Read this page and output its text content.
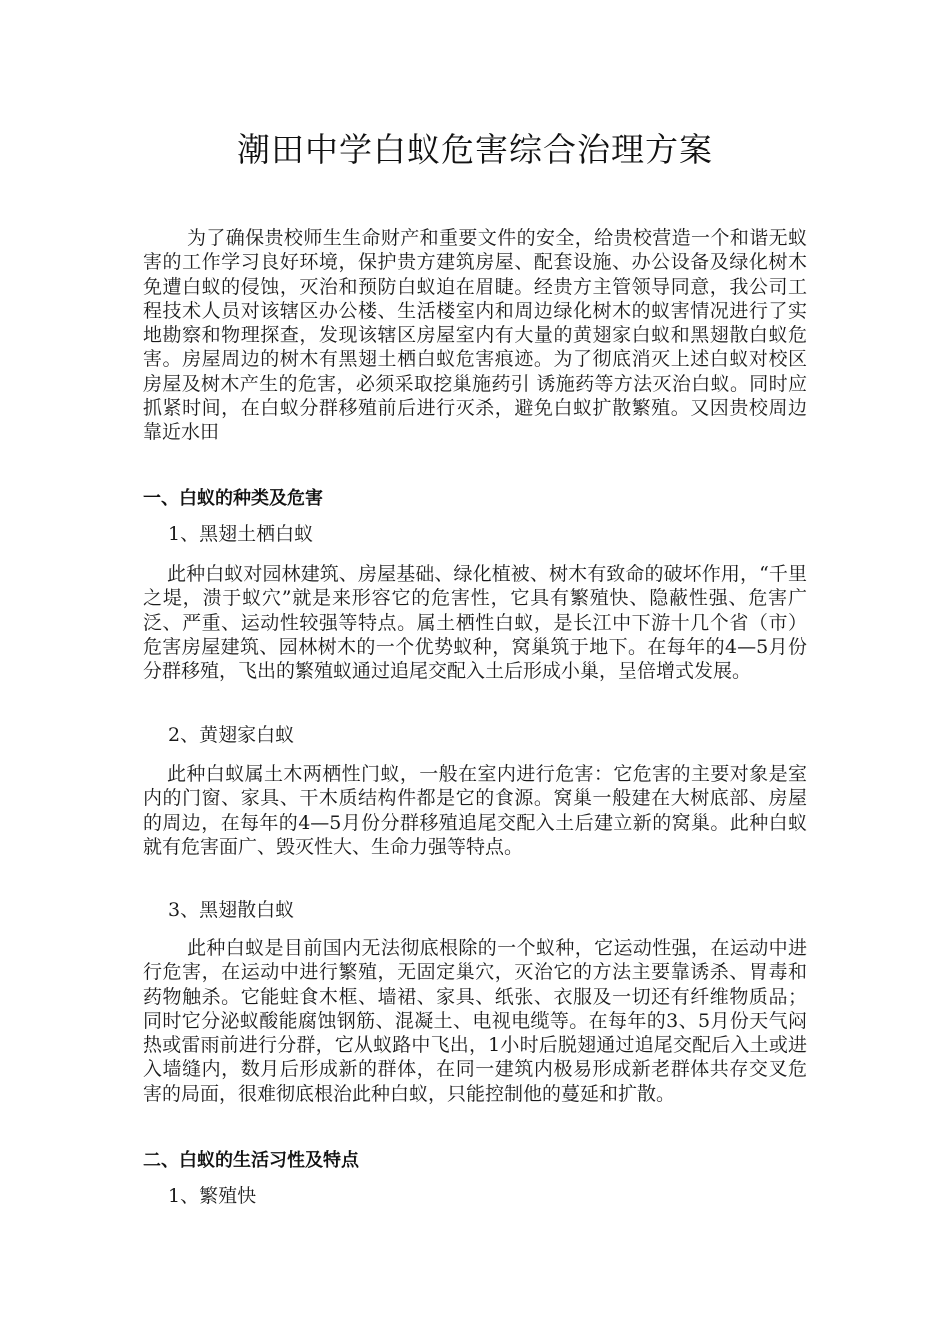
潮田中学白蚁危害综合治理方案

为了确保贵校师生生命财产和重要文件的安全，给贵校营造一个和谐无蚁害的工作学习良好环境，保护贵方建筑房屋、配套设施、办公设备及绿化树木免遭白蚁的侵蚀，灭治和预防白蚁迫在眉睫。经贵方主管领导同意，我公司工程技术人员对该辖区办公楼、生活楼室内和周边绿化树木的蚁害情况进行了实地勘察和物理探查，发现该辖区房屋室内有大量的黄翅家白蚁和黑翅散白蚁危害。房屋周边的树木有黑翅土栖白蚁危害痕迹。为了彻底消灭上述白蚁对校区房屋及树木产生的危害，必须采取挖巢施药引 诱施药等方法灭治白蚁。同时应抓紧时间，在白蚁分群移殖前后进行灭杀，避免白蚁扩散繁殖。又因贵校周边靠近水田

一、白蚁的种类及危害

1、黑翅土栖白蚁

此种白蚁对园林建筑、房屋基础、绿化植被、树木有致命的破坏作用，“千里之堤，溃于蚁穴”就是来形容它的危害性，它具有繁殖快、隐蔽性强、危害广泛、严重、运动性较强等特点。属土栖性白蚁，是长江中下游十几个省（市）危害房屋建筑、园林树木的一个优势蚁种，窝巢筑于地下。在每年的4—5月份分群移殖，飞出的繁殖蚁通过追尾交配入土后形成小巢，呈倍增式发展。

2、黄翅家白蚁

此种白蚁属土木两栖性门蚁，一般在室内进行危害：它危害的主要对象是室内的门窗、家具、干木质结构件都是它的食源。窝巢一般建在大树底部、房屋的周边，在每年的4—5月份分群移殖追尾交配入土后建立新的窝巢。此种白蚁就有危害面广、毁灭性大、生命力强等特点。

3、黑翅散白蚁

此种白蚁是目前国内无法彻底根除的一个蚁种，它运动性强，在运动中进行危害，在运动中进行繁殖，无固定巢穴，灭治它的方法主要靠诱杀、胃毒和药物触杀。它能蛀食木框、墙裙、家具、纸张、衣服及一切还有纤维物质品；同时它分泌蚁酸能腐蚀钢筋、混凝土、电视电缆等。在每年的3、5月份天气闷热或雷雨前进行分群，它从蚁路中飞出，1小时后脱翅通过追尾交配后入土或进入墙缝内，数月后形成新的群体，在同一建筑内极易形成新老群体共存交叉危害的局面，很难彻底根治此种白蚁，只能控制他的蔓延和扩散。

二、白蚁的生活习性及特点

1、繁殖快
